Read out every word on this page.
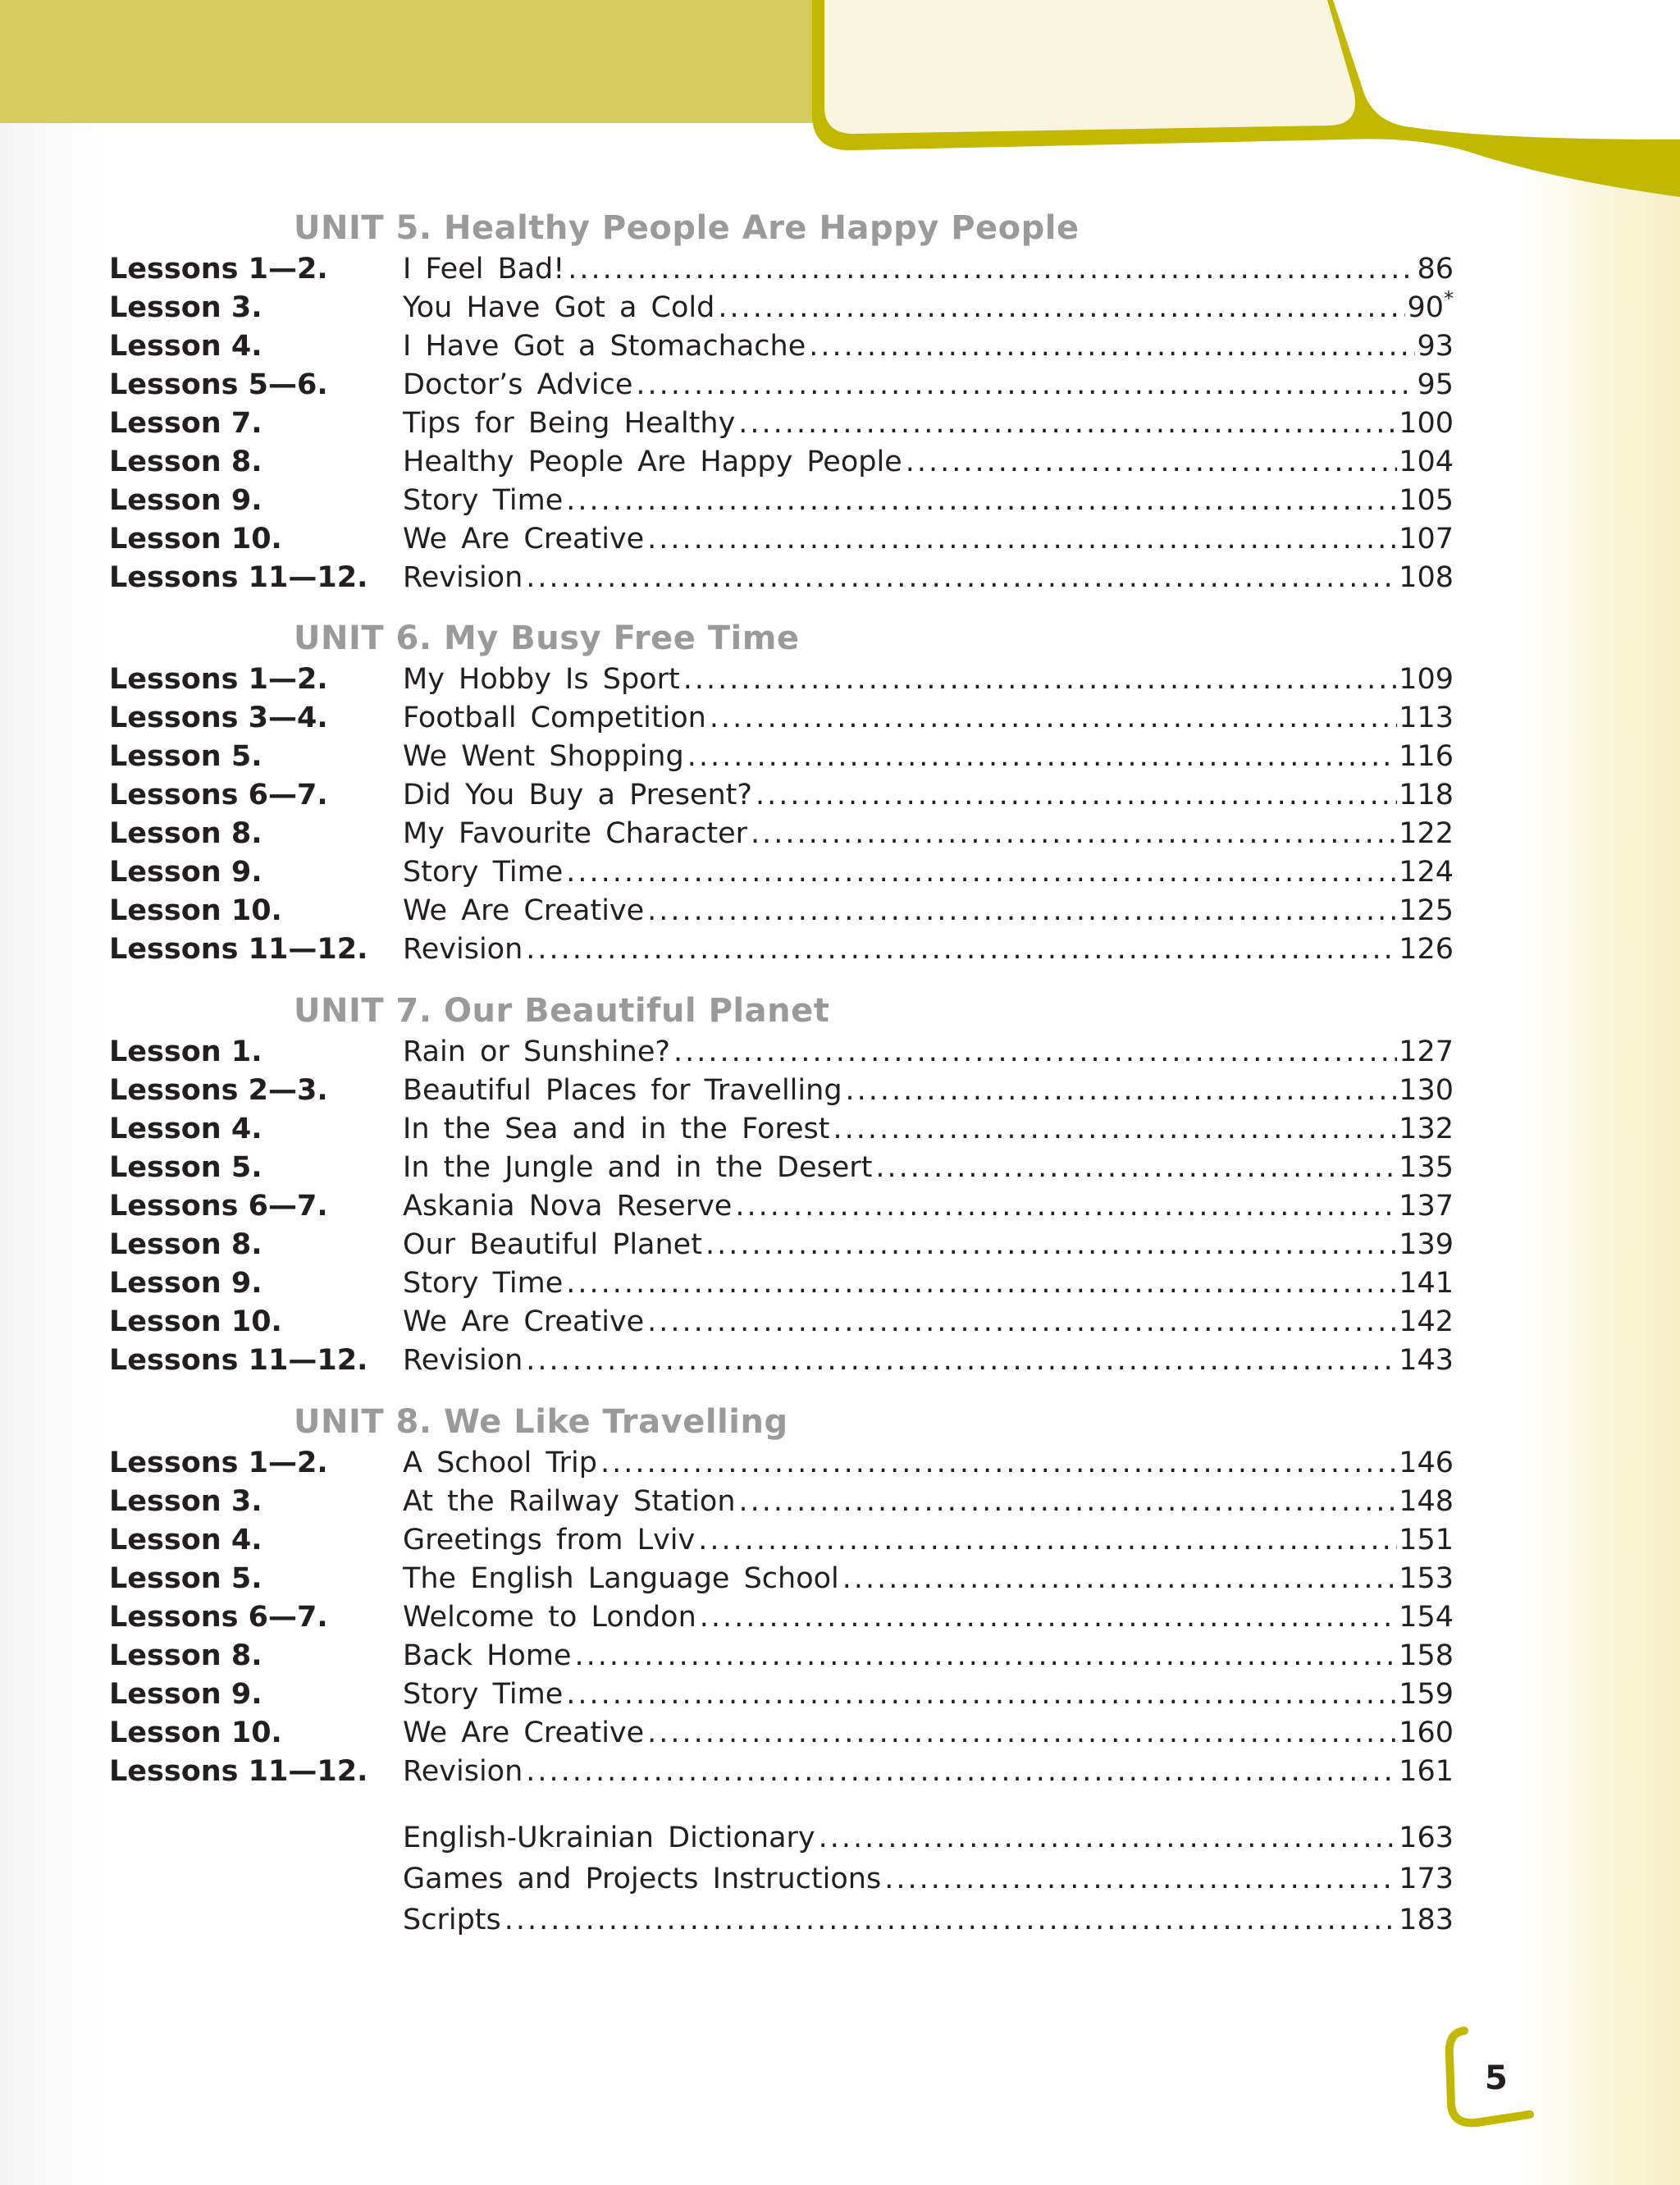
UNIT 5. Healthy People Are Happy People
Lessons 1—2.	I Feel Bad! .....	86
Lesson 3.	You Have Got a Cold .....	90 *
Lesson 4.	I Have Got a Stomachache .....	93
Lessons 5—6.	Doctor’s Advice .....	95
Lesson 7.	Tips for Being Healthy .....	100
Lesson 8.	Healthy People Are Happy People .....	104
Lesson 9.	Story Time .....	105
Lesson 10.	We Are Creative .....	107
Lessons 11—12. Revision .....	108
UNIT 6. My Busy Free Time
Lessons 1—2.	My Hobby Is Sport .....	109
Lessons 3—4.	Football Competition .....	113
Lesson 5.	We Went Shopping .....	116
Lessons 6—7.	Did You Buy a Present? .....	118
Lesson 8.	My Favourite Character .....	122
Lesson 9.	Story Time .....	124
Lesson 10.	We Are Creative .....	125
Lessons 11—12. Revision .....	126
UNIT 7. Our Beautiful Planet
Lesson 1.	Rain or Sunshine? .....	127
Lessons 2—3.	Beautiful Places for Travelling .....	130
Lesson 4.	In the Sea and in the Forest .....	132
Lesson 5.	In the Jungle and in the Desert .....	135
Lessons 6—7.	Askania Nova Reserve .....	137
Lesson 8.	Our Beautiful Planet .....	139
Lesson 9.	Story Time .....	141
Lesson 10.	We Are Creative .....	142
Lessons 11—12. Revision .....	143
UNIT 8. We Like Travelling
Lessons 1—2.	A School Trip .....	146
Lesson 3.	At the Railway Station .....	148
Lesson 4.	Greetings from Lviv .....	151
Lesson 5.	The English Language School .....	153
Lessons 6—7.	Welcome to London .....	154
Lesson 8.	Back Home .....	158
Lesson 9.	Story Time .....	159
Lesson 10.	We Are Creative .....	160
Lessons 11—12. Revision .....	161
English-Ukrainian Dictionary .....	163
Games and Projects Instructions .....	173
Scripts .....	183
5
